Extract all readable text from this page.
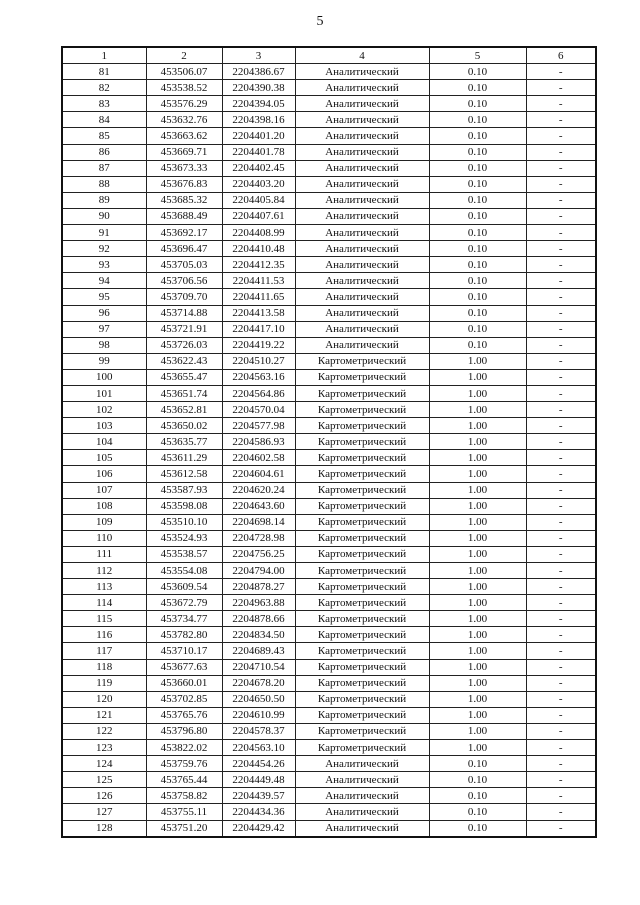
5
1	2	3	4	5	6
81	453506.07	2204386.67	Аналитический	0.10	-
82	453538.52	2204390.38	Аналитический	0.10	-
83	453576.29	2204394.05	Аналитический	0.10	-
84	453632.76	2204398.16	Аналитический	0.10	-
85	453663.62	2204401.20	Аналитический	0.10	-
86	453669.71	2204401.78	Аналитический	0.10	-
87	453673.33	2204402.45	Аналитический	0.10	-
88	453676.83	2204403.20	Аналитический	0.10	-
89	453685.32	2204405.84	Аналитический	0.10	-
90	453688.49	2204407.61	Аналитический	0.10	-
91	453692.17	2204408.99	Аналитический	0.10	-
92	453696.47	2204410.48	Аналитический	0.10	-
93	453705.03	2204412.35	Аналитический	0.10	-
94	453706.56	2204411.53	Аналитический	0.10	-
95	453709.70	2204411.65	Аналитический	0.10	-
96	453714.88	2204413.58	Аналитический	0.10	-
97	453721.91	2204417.10	Аналитический	0.10	-
98	453726.03	2204419.22	Аналитический	0.10	-
99	453622.43	2204510.27	Картометрический	1.00	-
100	453655.47	2204563.16	Картометрический	1.00	-
101	453651.74	2204564.86	Картометрический	1.00	-
102	453652.81	2204570.04	Картометрический	1.00	-
103	453650.02	2204577.98	Картометрический	1.00	-
104	453635.77	2204586.93	Картометрический	1.00	-
105	453611.29	2204602.58	Картометрический	1.00	-
106	453612.58	2204604.61	Картометрический	1.00	-
107	453587.93	2204620.24	Картометрический	1.00	-
108	453598.08	2204643.60	Картометрический	1.00	-
109	453510.10	2204698.14	Картометрический	1.00	-
110	453524.93	2204728.98	Картометрический	1.00	-
111	453538.57	2204756.25	Картометрический	1.00	-
112	453554.08	2204794.00	Картометрический	1.00	-
113	453609.54	2204878.27	Картометрический	1.00	-
114	453672.79	2204963.88	Картометрический	1.00	-
115	453734.77	2204878.66	Картометрический	1.00	-
116	453782.80	2204834.50	Картометрический	1.00	-
117	453710.17	2204689.43	Картометрический	1.00	-
118	453677.63	2204710.54	Картометрический	1.00	-
119	453660.01	2204678.20	Картометрический	1.00	-
120	453702.85	2204650.50	Картометрический	1.00	-
121	453765.76	2204610.99	Картометрический	1.00	-
122	453796.80	2204578.37	Картометрический	1.00	-
123	453822.02	2204563.10	Картометрический	1.00	-
124	453759.76	2204454.26	Аналитический	0.10	-
125	453765.44	2204449.48	Аналитический	0.10	-
126	453758.82	2204439.57	Аналитический	0.10	-
127	453755.11	2204434.36	Аналитический	0.10	-
128	453751.20	2204429.42	Аналитический	0.10	-
